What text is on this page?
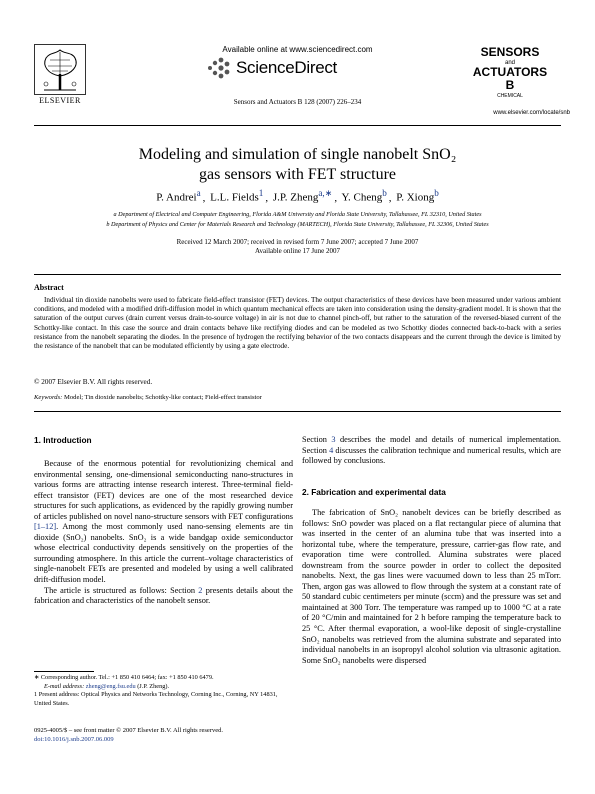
Available online at www.sciencedirect.com
ScienceDirect
Sensors and Actuators B 128 (2007) 226–234
ELSEVIER
SENSORS
and
ACTUATORS
B
CHEMICAL
www.elsevier.com/locate/snb
Modeling and simulation of single nanobelt SnO₂
gas sensors with FET structure
P. Andrei$^a$ , L.L. Fields$^1$ , J.P. Zheng$^{a,∗}$ , Y. Cheng$^b$ , P. Xiong$^b$
a Department of Electrical and Computer Engineering, Florida A&M University and Florida State University, Tallahassee, FL 32310, United States
b Department of Physics and Center for Materials Research and Technology (MARTECH), Florida State University, Tallahassee, FL 32306, United States
Received 12 March 2007; received in revised form 7 June 2007; accepted 7 June 2007
Available online 17 June 2007
Abstract
Individual tin dioxide nanobelts were used to fabricate field-effect transistor (FET) devices. The output characteristics of these devices have been measured under various ambient conditions, and modeled with a modified drift-diffusion model in which quantum mechanical effects are taken into consideration using the density-gradient model. It is shown that the saturation of the output curves (drain current versus drain-to-source voltage) in air is not due to channel pinch-off, but rather to the saturation of the reversed-biased current of the Schottky-like contact. In this case the source and drain contacts behave like rectifying diodes and can be modeled as two Schottky diodes connected back-to-back with a series resistance from the nanobelt separating the diodes. In the presence of hydrogen the rectifying behavior of the two contacts disappears and the current through the device is limited by the resistance of the nanobelt that can be modulated efficiently by using a gate electrode.
© 2007 Elsevier B.V. All rights reserved.
Keywords: Model; Tin dioxide nanobelts; Schottky-like contact; Field-effect transistor
1. Introduction

Because of the enormous potential for revolutionizing chemical and environmental sensing, one-dimensional semiconducting nano-structures in various forms are attracting intense research interest. Three-terminal field-effect transistor (FET) devices are one of the most researched device structures for such applications, as evidenced by the rapidly growing number of articles published on novel nano-structure sensors with FET configurations [1–12]. Among the most commonly used nano-sensing elements are tin dioxide (SnO₂) nanobelts. SnO₂ is a wide bandgap oxide semiconductor whose electrical conductivity depends sensitively on the properties of the surrounding atmosphere. In this article the current–voltage characteristics of single-nanobelt FETs are presented and modeled by using a well calibrated drift-diffusion model.

The article is structured as follows: Section 2 presents details about the fabrication and characteristics of the nanobelt sensor.

Section 3 describes the model and details of numerical implementation. Section 4 discusses the calibration technique and numerical results, which are followed by conclusions.

2. Fabrication and experimental data

The fabrication of SnO₂ nanobelt devices can be briefly described as follows: SnO powder was placed on a flat rectangular piece of alumina that was inserted in the center of an alumina tube that was inserted into a horizontal tube, where the temperature, pressure, carrier-gas flow rate, and evaporation time were controlled. Alumina substrates were placed downstream from the source powder in order to collect the deposited nanobelts. Next, the gas lines were vacuumed down to less than 25 mTorr. Then, argon gas was allowed to flow through the system at a constant rate of 50 standard cubic centimeters per minute (sccm) and the pressure was set and maintained at 300 Torr. The temperature was ramped up to 1000 °C at a rate of 20 °C/min and maintained for 2 h before ramping the temperature back to 25 °C. After thermal evaporation, a wool-like deposit of single-crystalline SnO₂ nanobelts was retrieved from the alumina substrate and separated into individual nanobelts in an isopropyl alcohol solution via ultrasonic agitation. Some SnO₂ nanobelts were dispersed

∗ Corresponding author. Tel.: +1 850 410 6464; fax: +1 850 410 6479.
E-mail address: zheng@eng.fsu.edu (J.P. Zheng).
1 Present address: Optical Physics and Networks Technology, Corning Inc., Corning, NY 14831, United States.
0925-4005/$ – see front matter © 2007 Elsevier B.V. All rights reserved.
doi:10.1016/j.snb.2007.06.009
